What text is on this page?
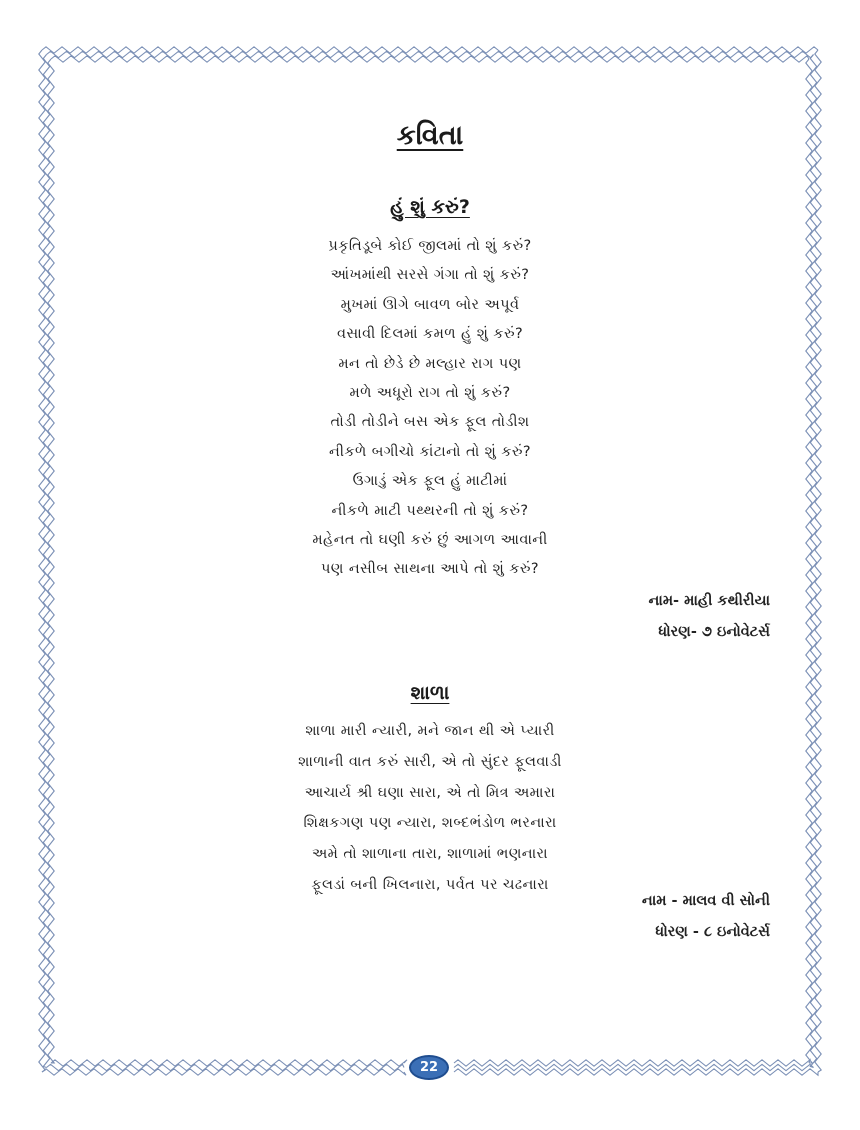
કવિતા
હું શું કરું?
પ્રકૃતિડૂબે કોઈ જીલમાં તો શું કરું?
આંખમાંથી સરસે ગંગા તો શું કરું?
મુખમાં ઊગે બાવળ બોર અપૂર્વ
વસાવી દિલમાં કમળ હું શું કરું?
મન તો છેડે છે મલ્હાર રાગ પણ
મળે અધૂરો રાગ તો શું કરું?
તોડી તોડીને બસ એક ફૂલ તોડીશ
નીકળે બગીચો કાંટાનો તો શું કરું?
ઉગાડું એક ફૂલ હું માટીમાં
નીકળે માટી પથ્થરની તો શું કરું?
મહેનત તો ઘણી કરું છું આગળ આવાની
પણ નસીબ સાથના આપે તો શું કરું?
નામ- માહી કથીરીયા
ધોરણ- ૭ ઇનોવેટર્સ
શાળા
શાળા મારી ન્યારી, મને જાન થી એ પ્યારી
શાળાની વાત કરું સારી, એ તો સુંદર ફૂલવાડી
આચાર્ય શ્રી ઘણા સારા, એ તો મિત્ર અમારા
શિક્ષકગણ પણ ન્યારા, શબ્દભંડોળ ભરનારા
અમે તો શાળાના તારા, શાળામાં ભણનારા
ફૂલડાં બની ખિલનારા, પર્વત પર ચઢનારા
નામ - માલવ વી સોની
ધોરણ - ૮ ઇનોવેટર્સ
22
